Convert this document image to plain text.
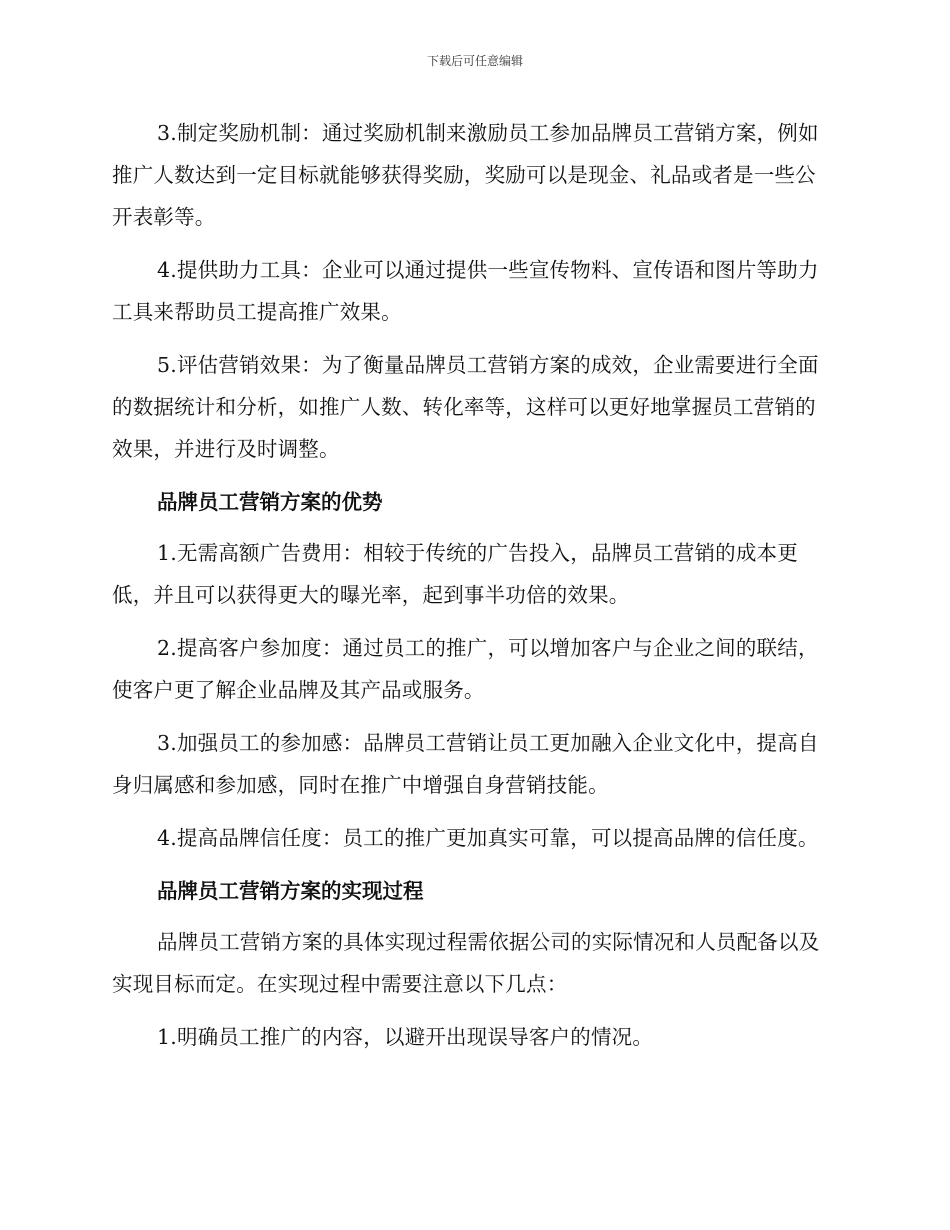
下载后可任意编辑

3.制定奖励机制：通过奖励机制来激励员工参加品牌员工营销方案，例如推广人数达到一定目标就能够获得奖励，奖励可以是现金、礼品或者是一些公开表彰等。

4.提供助力工具：企业可以通过提供一些宣传物料、宣传语和图片等助力工具来帮助员工提高推广效果。

5.评估营销效果：为了衡量品牌员工营销方案的成效，企业需要进行全面的数据统计和分析，如推广人数、转化率等，这样可以更好地掌握员工营销的效果，并进行及时调整。

品牌员工营销方案的优势

1.无需高额广告费用：相较于传统的广告投入，品牌员工营销的成本更低，并且可以获得更大的曝光率，起到事半功倍的效果。

2.提高客户参加度：通过员工的推广，可以增加客户与企业之间的联结，使客户更了解企业品牌及其产品或服务。

3.加强员工的参加感：品牌员工营销让员工更加融入企业文化中，提高自身归属感和参加感，同时在推广中增强自身营销技能。

4.提高品牌信任度：员工的推广更加真实可靠，可以提高品牌的信任度。

品牌员工营销方案的实现过程

品牌员工营销方案的具体实现过程需依据公司的实际情况和人员配备以及实现目标而定。在实现过程中需要注意以下几点：

1.明确员工推广的内容，以避开出现误导客户的情况。
